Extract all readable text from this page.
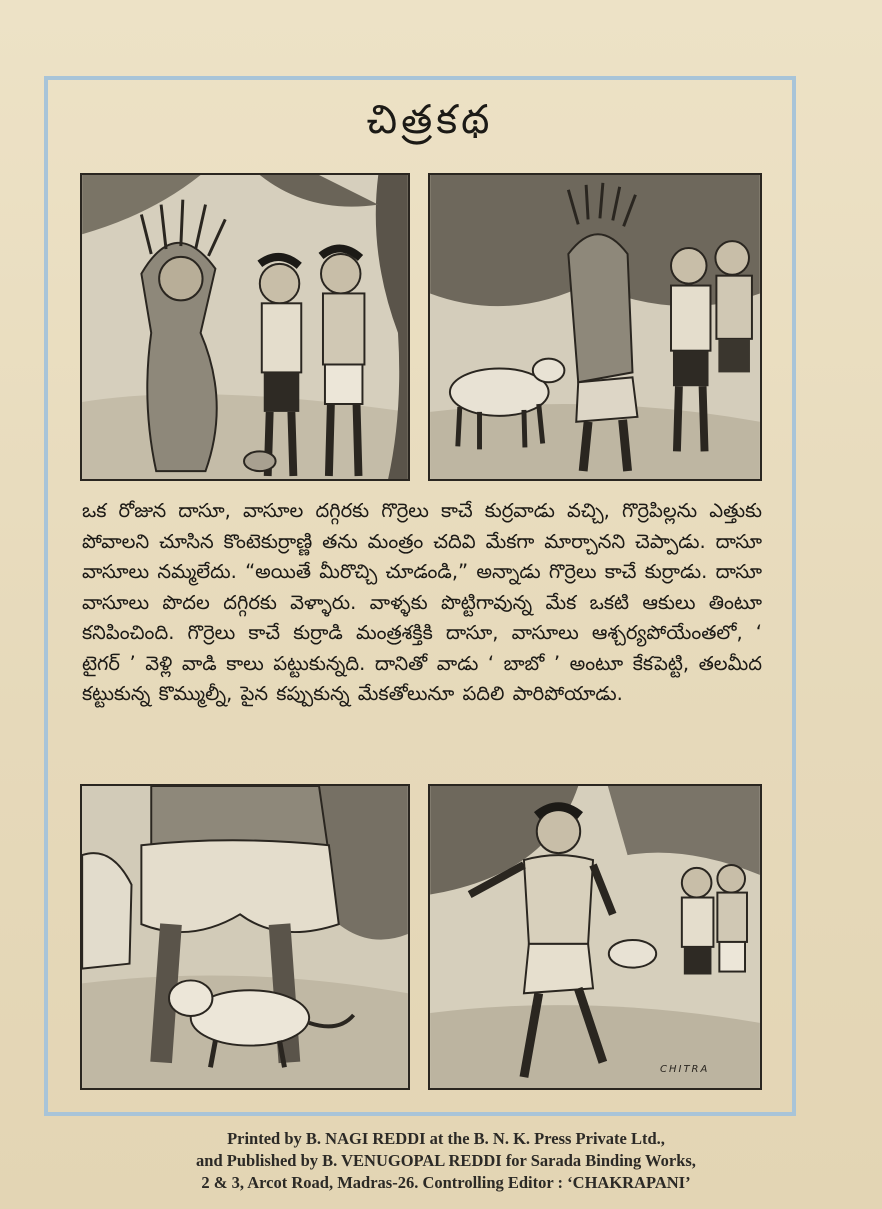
చిత్రకథ

ఒక రోజున దాసూ, వాసూల దగ్గిరకు గొర్రెలు కాచే కుర్రవాడు వచ్చి, గొర్రెపిల్లను ఎత్తుకు పోవాలని చూసిన కొంటెకుర్రాణ్ణి తను మంత్రం చదివి మేకగా మార్చానని చెప్పాడు. దాసూ వాసూలు నమ్మలేదు. “అయితే మీరొచ్చి చూడండి,” అన్నాడు గొర్రెలు కాచే కుర్రాడు. దాసూ వాసూలు పొదల దగ్గిరకు వెళ్ళారు. వాళ్ళకు పొట్టిగావున్న మేక ఒకటి ఆకులు తింటూ కనిపించింది. గొర్రెలు కాచే కుర్రాడి మంత్రశక్తికి దాసూ, వాసూలు ఆశ్చర్యపోయేంతలో, ‘ టైగర్ ’ వెళ్లి వాడి కాలు పట్టుకున్నది. దానితో వాడు ‘ బాబో ’ అంటూ కేకపెట్టి, తలమీద కట్టుకున్న కొమ్ముల్నీ, పైన కప్పుకున్న మేకతోలునూ పదిలి పారిపోయాడు.

CHITRA
Printed by B. NAGI REDDI at the B. N. K. Press Private Ltd.,
and Published by B. VENUGOPAL REDDI for Sarada Binding Works,
2 & 3, Arcot Road, Madras-26. Controlling Editor : ‘CHAKRAPANI’
